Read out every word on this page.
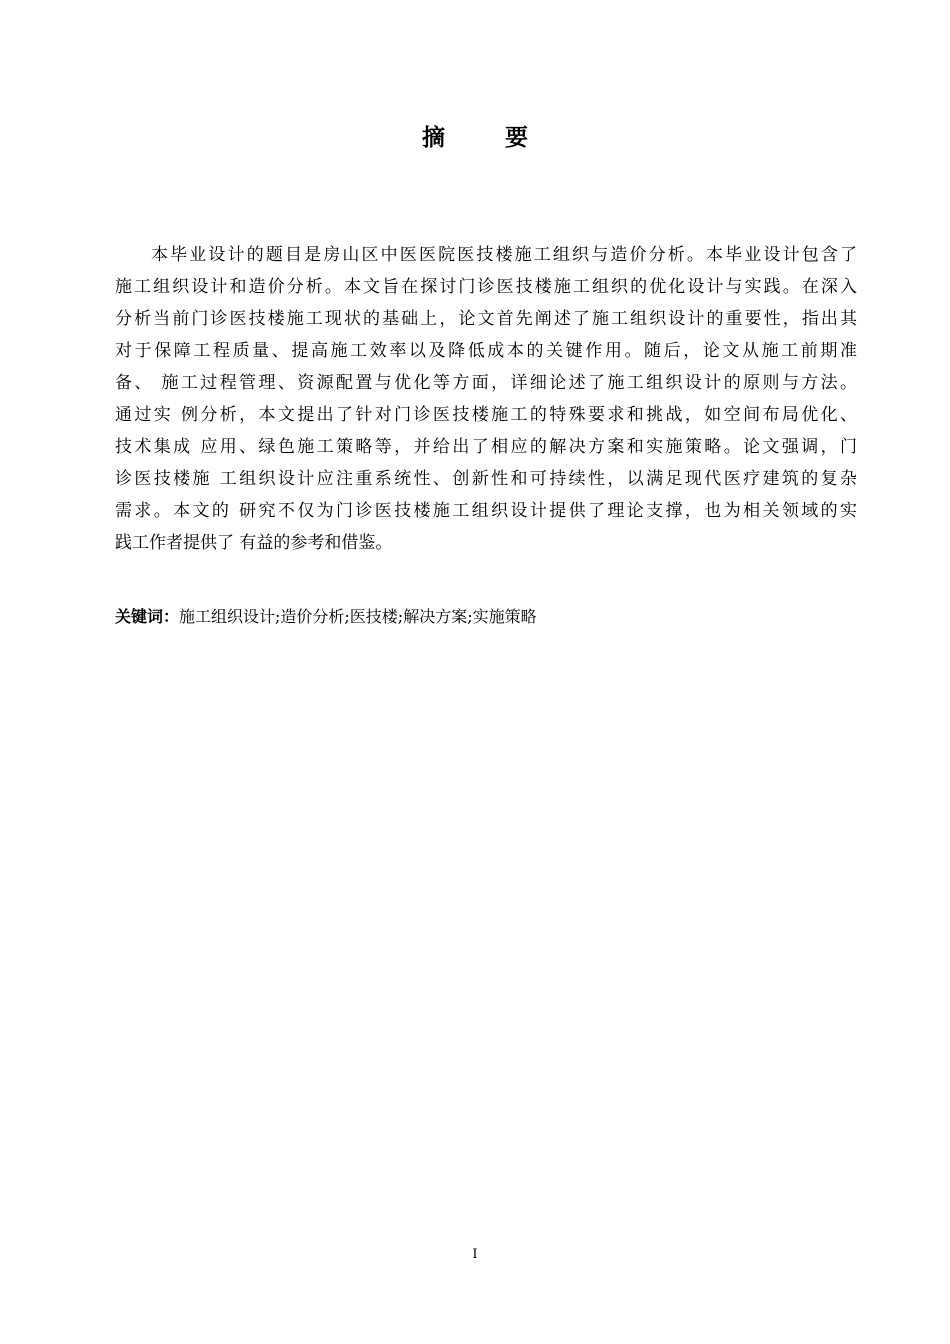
摘 要
本毕业设计的题目是房山区中医医院医技楼施工组织与造价分析。本毕业设计包含了
施工组织设计和造价分析。本文旨在探讨门诊医技楼施工组织的优化设计与实践。在深入
分析当前门诊医技楼施工现状的基础上，论文首先阐述了施工组织设计的重要性，指出其
对于保障工程质量、提高施工效率以及降低成本的关键作用。随后，论文从施工前期准
备、 施工过程管理、资源配置与优化等方面，详细论述了施工组织设计的原则与方法。
通过实 例分析，本文提出了针对门诊医技楼施工的特殊要求和挑战，如空间布局优化、
技术集成 应用、绿色施工策略等，并给出了相应的解决方案和实施策略。论文强调，门
诊医技楼施 工组织设计应注重系统性、创新性和可持续性，以满足现代医疗建筑的复杂
需求。本文的 研究不仅为门诊医技楼施工组织设计提供了理论支撑，也为相关领域的实
践工作者提供了 有益的参考和借鉴。
关键词：施工组织设计;造价分析;医技楼;解决方案;实施策略
I
